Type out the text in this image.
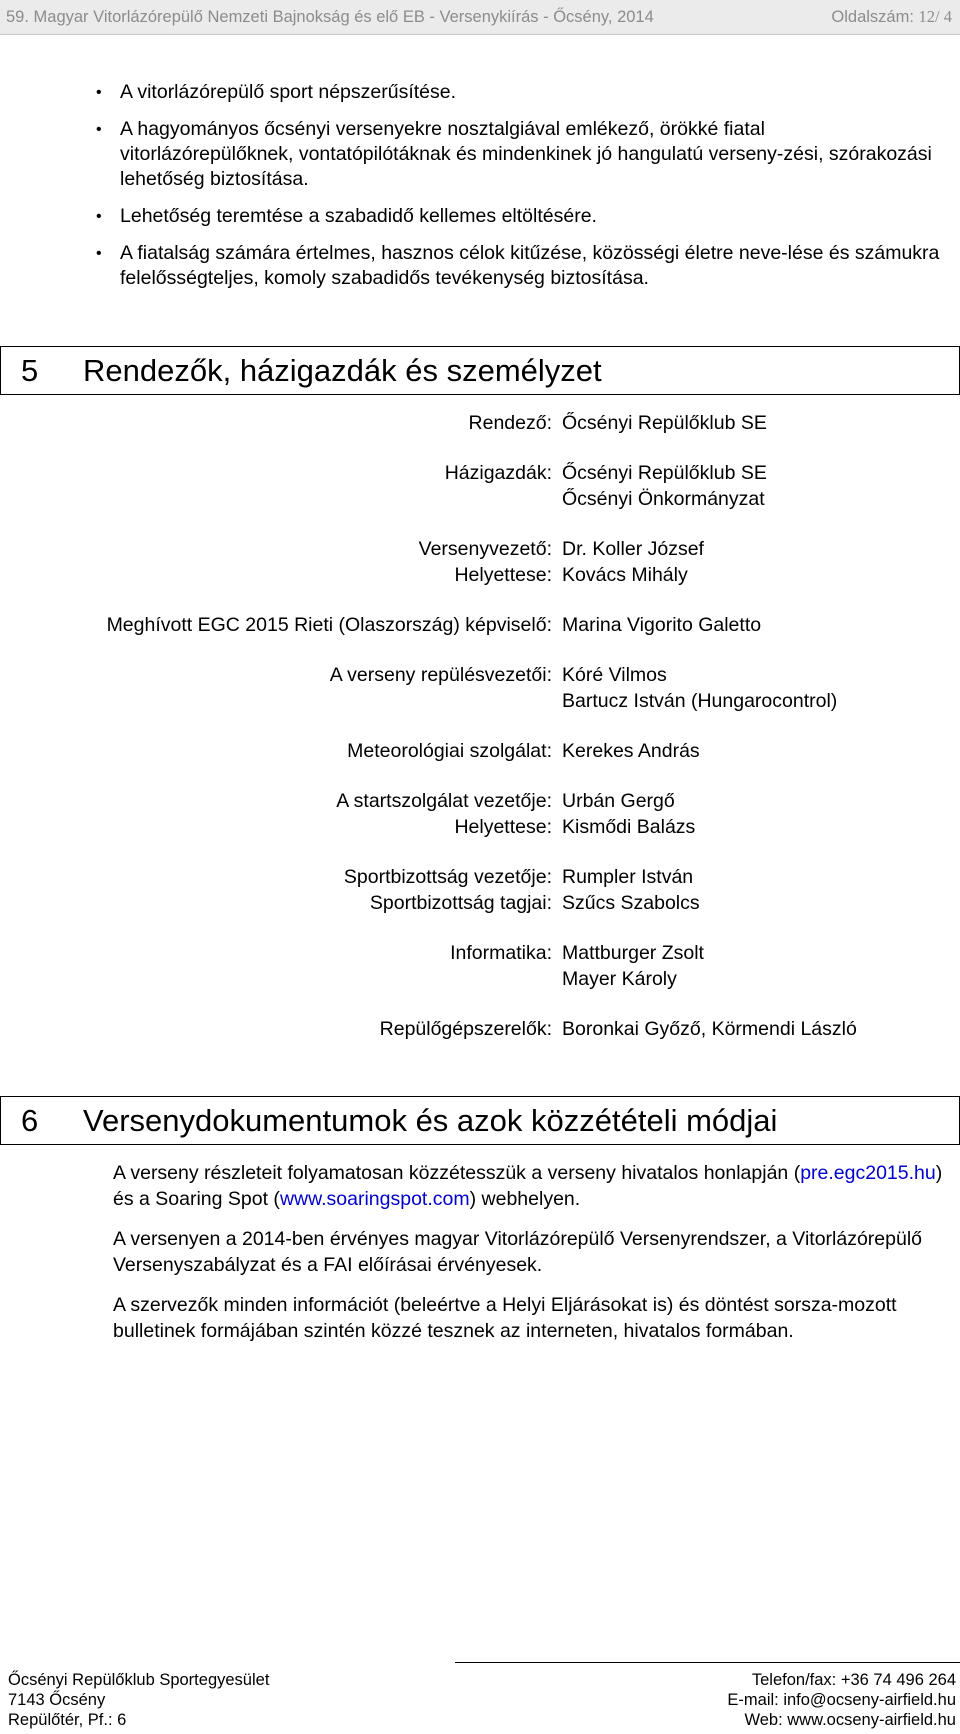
59. Magyar Vitorlázórepülő Nemzeti Bajnokság és elő EB - Versenykiírás - Őcsény, 2014	Oldalszám: 12/ 4
• A vitorlázórepülő sport népszerűsítése.
• A hagyományos őcsényi versenyekre nosztalgiával emlékező, örökké fiatal vitorlázórepülőknek, vontatópilótáknak és mindenkinek jó hangulatú verseny-zési, szórakozási lehetőség biztosítása.
• Lehetőség teremtése a szabadidő kellemes eltöltésére.
• A fiatalság számára értelmes, hasznos célok kitűzése, közösségi életre neve-lése és számukra felelősségteljes, komoly szabadidős tevékenység biztosítása.
5 Rendezők, házigazdák és személyzet
Rendező: Őcsényi Repülőklub SE
Házigazdák: Őcsényi Repülőklub SE
Őcsényi Önkormányzat
Versenyvezető: Dr. Koller József
Helyettese: Kovács Mihály
Meghívott EGC 2015 Rieti (Olaszország) képviselő: Marina Vigorito Galetto
A verseny repülésvezetői: Kóré Vilmos
Bartucz István (Hungarocontrol)
Meteorológiai szolgálat: Kerekes András
A startszolgálat vezetője: Urbán Gergő
Helyettese: Kismődi Balázs
Sportbizottság vezetője: Rumpler István
Sportbizottság tagjai: Szűcs Szabolcs
Informatika: Mattburger Zsolt
Mayer Károly
Repülőgépszerelők: Boronkai Győző, Körmendi László
6 Versenydokumentumok és azok közzétételi módjai

A verseny részleteit folyamatosan közzétesszük a verseny hivatalos honlapján (pre.egc2015.hu) és a Soaring Spot (www.soaringspot.com) webhelyen.

A versenyen a 2014-ben érvényes magyar Vitorlázórepülő Versenyrendszer, a Vitorlázórepülő Versenyszabályzat és a FAI előírásai érvényesek.

A szervezők minden információt (beleértve a Helyi Eljárásokat is) és döntést sorsza-mozott bulletinek formájában szintén közzé tesznek az interneten, hivatalos formában.

Őcsényi Repülőklub Sportegyesület
7143 Őcsény
Repülőtér, Pf.: 6
Telefon/fax: +36 74 496 264
E-mail: info@ocseny-airfield.hu
Web: www.ocseny-airfield.hu
